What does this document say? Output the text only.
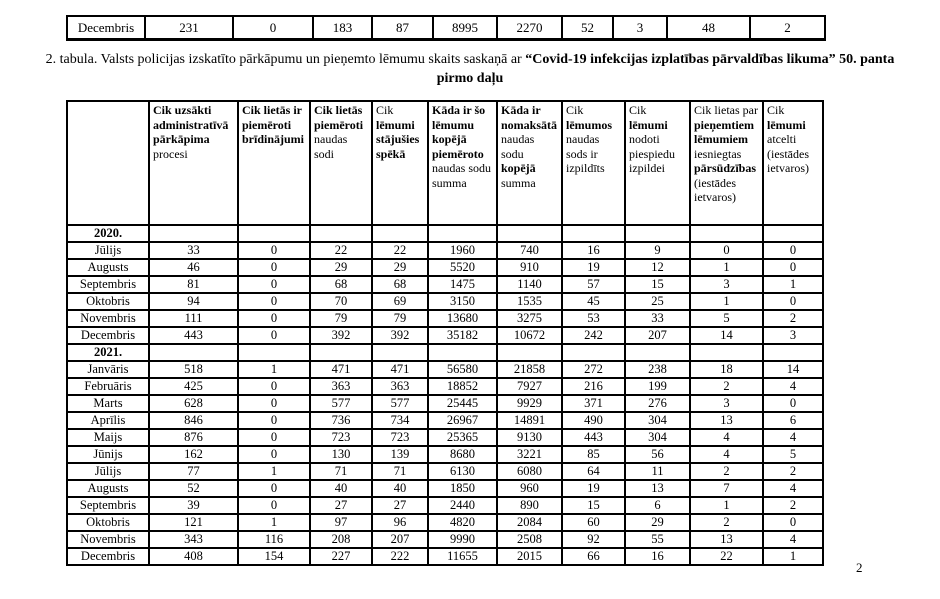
Decembris	231	0	183	87	8995	2270	52	3	48	2

2. tabula. Valsts policijas izskatīto pārkāpumu un pieņemto lēmumu skaits saskaņā ar “Covid-19 infekcijas izplatības pārvaldības likuma” 50. panta pirmo daļu

	Cik uzsākti administratīvā pārkāpima procesi	Cik lietās ir piemēroti brīdinājumi	Cik lietās piemēroti naudas sodi	Cik lēmumi stājušies spēkā	Kāda ir šo lēmumu kopējā piemēroto naudas sodu summa	Kāda ir nomaksātā naudas sodu kopējā summa	Cik lēmumos naudas sods ir izpildīts	Cik lēmumi nodoti piespiedu izpildei	Cik lietas par pieņemtiem lēmumiem iesniegtas pārsūdzības (iestādes ietvaros)	Cik lēmumi atcelti (iestādes ietvaros)
2020.										
Jūlijs	33	0	22	22	1960	740	16	9	0	0
Augusts	46	0	29	29	5520	910	19	12	1	0
Septembris	81	0	68	68	1475	1140	57	15	3	1
Oktobris	94	0	70	69	3150	1535	45	25	1	0
Novembris	111	0	79	79	13680	3275	53	33	5	2
Decembris	443	0	392	392	35182	10672	242	207	14	3
2021.										
Janvāris	518	1	471	471	56580	21858	272	238	18	14
Februāris	425	0	363	363	18852	7927	216	199	2	4
Marts	628	0	577	577	25445	9929	371	276	3	0
Aprīlis	846	0	736	734	26967	14891	490	304	13	6
Maijs	876	0	723	723	25365	9130	443	304	4	4
Jūnijs	162	0	130	139	8680	3221	85	56	4	5
Jūlijs	77	1	71	71	6130	6080	64	11	2	2
Augusts	52	0	40	40	1850	960	19	13	7	4
Septembris	39	0	27	27	2440	890	15	6	1	2
Oktobris	121	1	97	96	4820	2084	60	29	2	0
Novembris	343	116	208	207	9990	2508	92	55	13	4
Decembris	408	154	227	222	11655	2015	66	16	22	1
2
